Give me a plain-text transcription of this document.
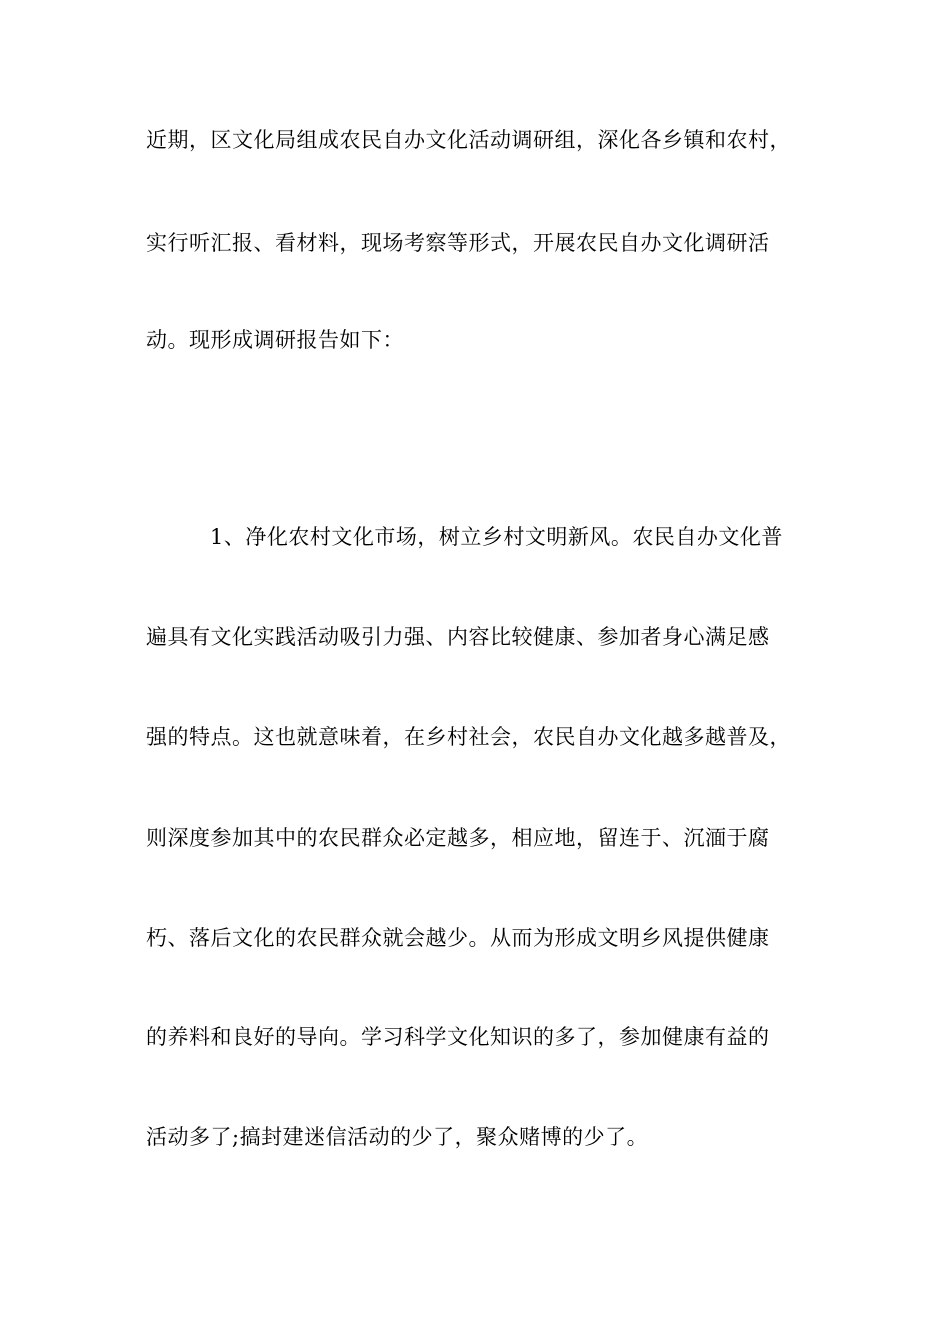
近期，区文化局组成农民自办文化活动调研组，深化各乡镇和农村，
实行听汇报、看材料，现场考察等形式，开展农民自办文化调研活
动。现形成调研报告如下：
1、净化农村文化市场，树立乡村文明新风。农民自办文化普
遍具有文化实践活动吸引力强、内容比较健康、参加者身心满足感
强的特点。这也就意味着，在乡村社会，农民自办文化越多越普及，
则深度参加其中的农民群众必定越多，相应地，留连于、沉湎于腐
朽、落后文化的农民群众就会越少。从而为形成文明乡风提供健康
的养料和良好的导向。学习科学文化知识的多了，参加健康有益的
活动多了;搞封建迷信活动的少了，聚众赌博的少了。
